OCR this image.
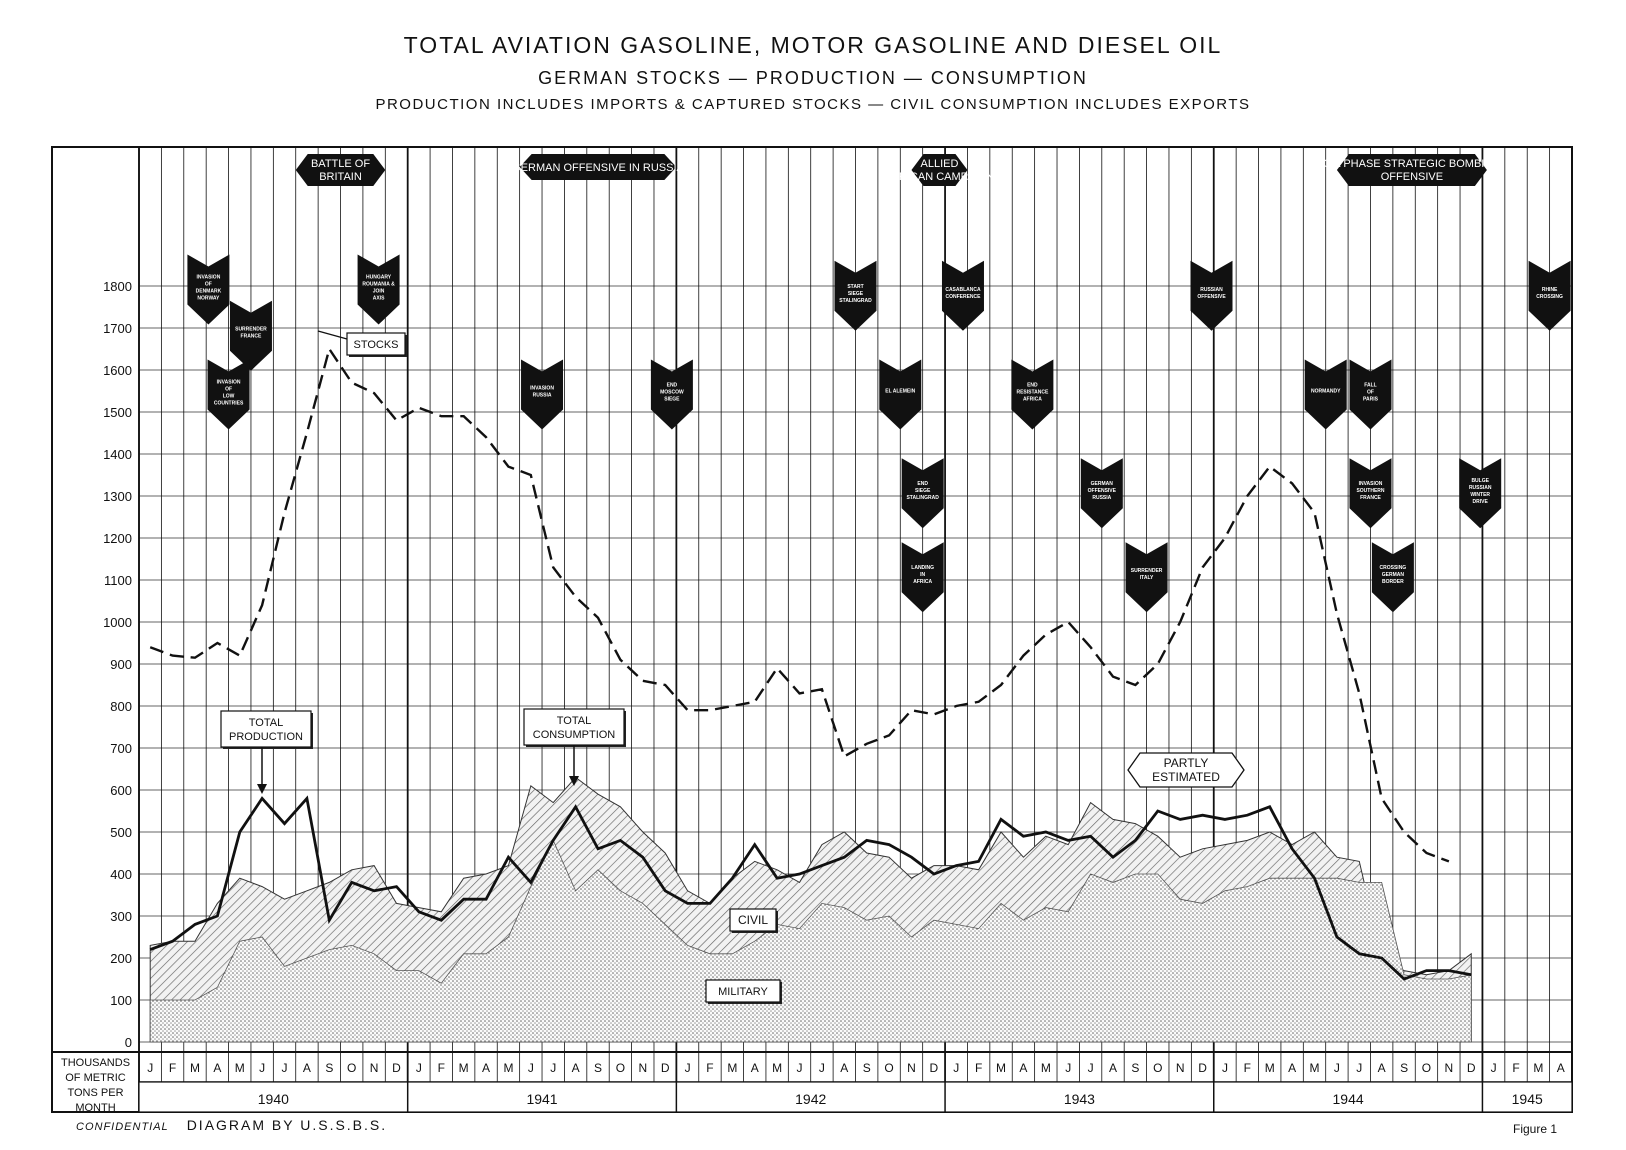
TOTAL AVIATION GASOLINE, MOTOR GASOLINE AND DIESEL OIL
GERMAN STOCKS — PRODUCTION — CONSUMPTION
PRODUCTION INCLUDES IMPORTS & CAPTURED STOCKS — CIVIL CONSUMPTION INCLUDES EXPORTS
STOCKS
TOTAL
PRODUCTION
TOTAL
CONSUMPTION
CIVIL
MILITARY
PARTLY
ESTIMATED
BATTLE OF
BRITAIN
GERMAN OFFENSIVE IN RUSSIA	ALLIED
AFRICAN CAMPAIGN
OIL PHASE STRATEGIC BOMBING
OFFENSIVE
INVASION
OF
DENMARK
NORWAY
SURRENDER
FRANCE
INVASION
OF
LOW
COUNTRIES
HUNGARY
ROUMANIA &
JOIN
AXIS
INVASION
RUSSIA
END
MOSCOW
SIEGE
START
SIEGE
STALINGRAD
EL ALEMEIN
END
SIEGE
STALINGRAD
LANDING
IN
AFRICA
CASABLANCA
CONFERENCE
END
RESISTANCE
AFRICA
GERMAN
OFFENSIVE
RUSSIA
SURRENDER
ITALY
RUSSIAN
OFFENSIVE
NORMANDY
FALL
OF
PARIS
INVASION
SOUTHERN
FRANCE
CROSSING
GERMAN
BORDER
BULGE
RUSSIAN
WINTER
DRIVE
RHINE
CROSSING
0
100
200
300
400
500
600
700
800
900
1000
1100
1200
1300
1400
1500
1600
1700
1800
J F M A M J J A S O N D J F M A M J J A S O N D J F M A M J J A S O N D J F M A M J J A S O N D J F M A M J J A S O N D J F M A
1940	1941	1942	1943	1944	1945
THOUSANDS
OF METRIC
TONS PER
MONTH
CONFIDENTIAL DIAGRAM BY U.S.S.B.S.	Figure 1
